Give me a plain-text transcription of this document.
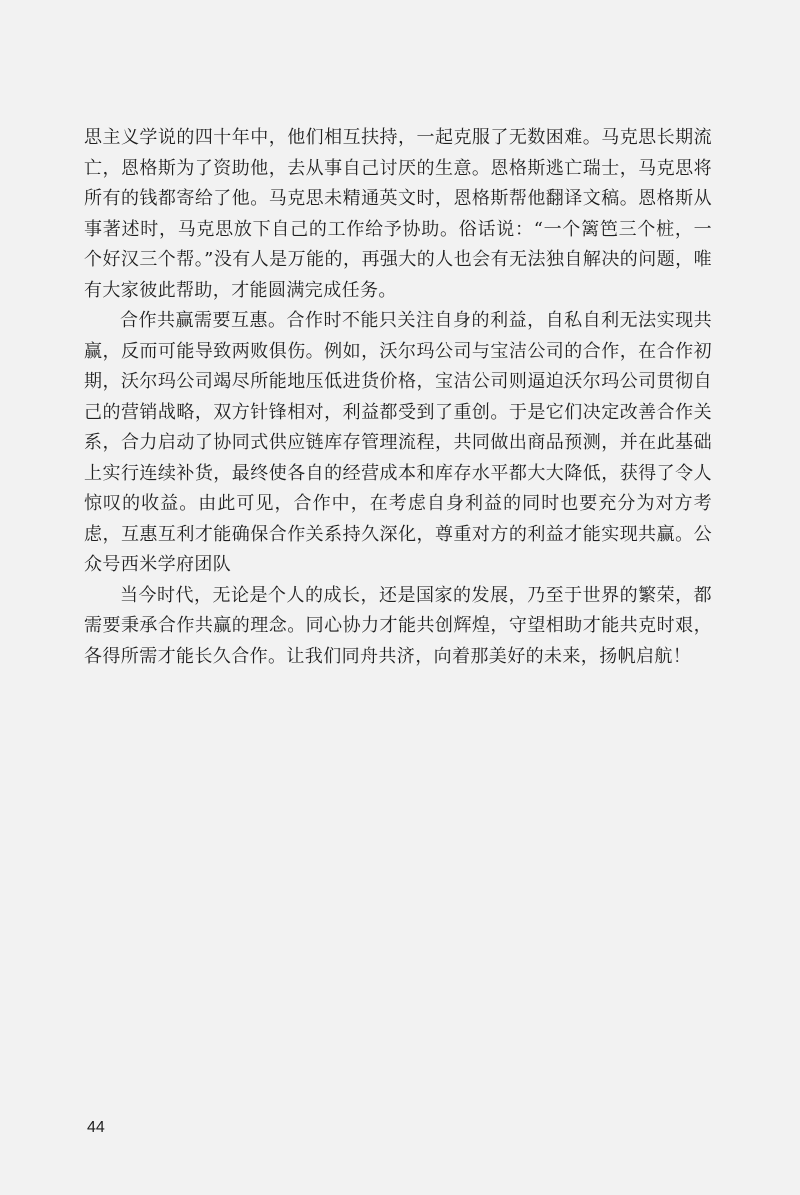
思主义学说的四十年中，他们相互扶持，一起克服了无数困难。马克思长期流亡，恩格斯为了资助他，去从事自己讨厌的生意。恩格斯逃亡瑞士，马克思将所有的钱都寄给了他。马克思未精通英文时，恩格斯帮他翻译文稿。恩格斯从事著述时，马克思放下自己的工作给予协助。俗话说：“一个篱笆三个桩，一个好汉三个帮。”没有人是万能的，再强大的人也会有无法独自解决的问题，唯有大家彼此帮助，才能圆满完成任务。

合作共赢需要互惠。合作时不能只关注自身的利益，自私自利无法实现共赢，反而可能导致两败俱伤。例如，沃尔玛公司与宝洁公司的合作，在合作初期，沃尔玛公司竭尽所能地压低进货价格，宝洁公司则逼迫沃尔玛公司贯彻自己的营销战略，双方针锋相对，利益都受到了重创。于是它们决定改善合作关系，合力启动了协同式供应链库存管理流程，共同做出商品预测，并在此基础上实行连续补货，最终使各自的经营成本和库存水平都大大降低，获得了令人惊叹的收益。由此可见，合作中，在考虑自身利益的同时也要充分为对方考虑，互惠互利才能确保合作关系持久深化，尊重对方的利益才能实现共赢。公众号西米学府团队

当今时代，无论是个人的成长，还是国家的发展，乃至于世界的繁荣，都需要秉承合作共赢的理念。同心协力才能共创辉煌，守望相助才能共克时艰，各得所需才能长久合作。让我们同舟共济，向着那美好的未来，扬帆启航！

44
